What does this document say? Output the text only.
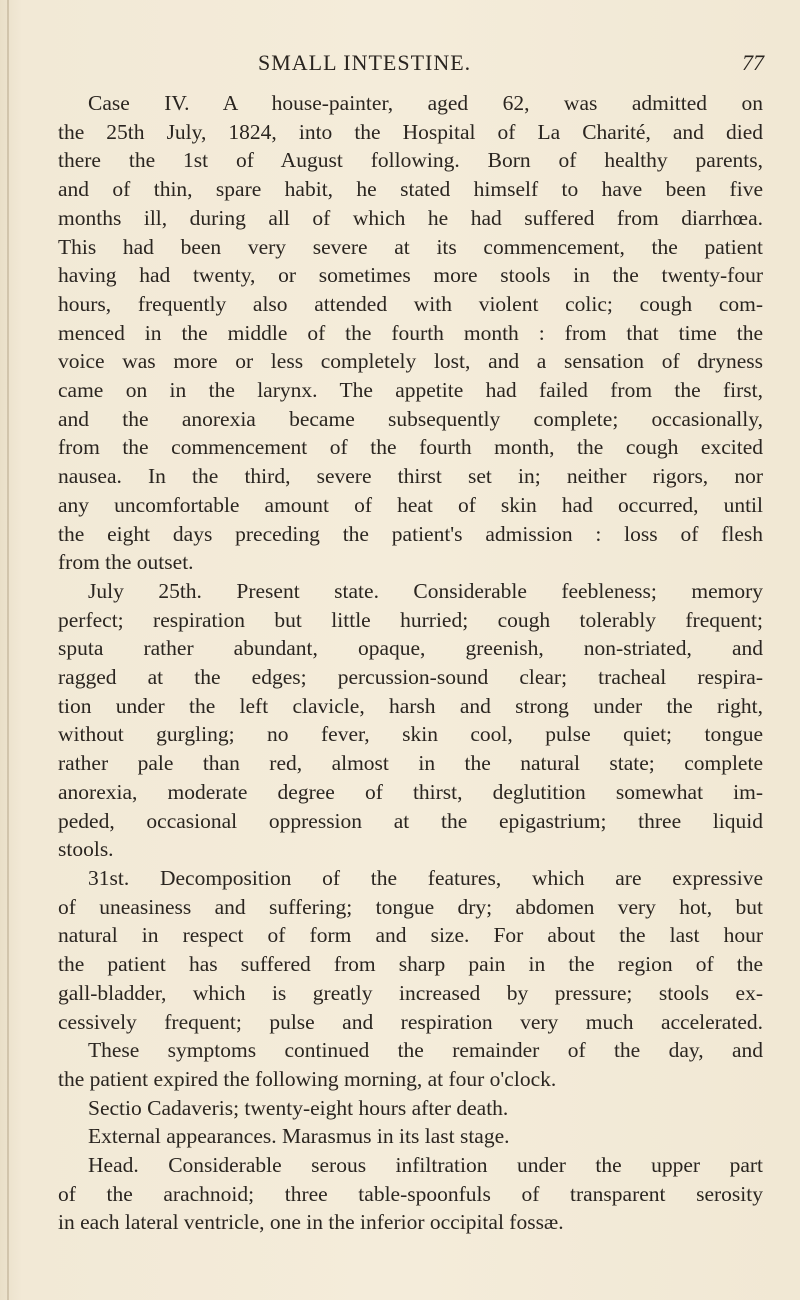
SMALL INTESTINE.	77
Case IV. A house-painter, aged 62, was admitted on
the 25th July, 1824, into the Hospital of La Charité, and died
there the 1st of August following. Born of healthy parents,
and of thin, spare habit, he stated himself to have been five
months ill, during all of which he had suffered from diarrhœa.
This had been very severe at its commencement, the patient
having had twenty, or sometimes more stools in the twenty-four
hours, frequently also attended with violent colic; cough com-
menced in the middle of the fourth month : from that time the
voice was more or less completely lost, and a sensation of dryness
came on in the larynx. The appetite had failed from the first,
and the anorexia became subsequently complete; occasionally,
from the commencement of the fourth month, the cough excited
nausea. In the third, severe thirst set in; neither rigors, nor
any uncomfortable amount of heat of skin had occurred, until
the eight days preceding the patient's admission : loss of flesh
from the outset.
July 25th. Present state. Considerable feebleness; memory
perfect; respiration but little hurried; cough tolerably frequent;
sputa rather abundant, opaque, greenish, non-striated, and
ragged at the edges; percussion-sound clear; tracheal respira-
tion under the left clavicle, harsh and strong under the right,
without gurgling; no fever, skin cool, pulse quiet; tongue
rather pale than red, almost in the natural state; complete
anorexia, moderate degree of thirst, deglutition somewhat im-
peded, occasional oppression at the epigastrium; three liquid
stools.
31st. Decomposition of the features, which are expressive
of uneasiness and suffering; tongue dry; abdomen very hot, but
natural in respect of form and size. For about the last hour
the patient has suffered from sharp pain in the region of the
gall-bladder, which is greatly increased by pressure; stools ex-
cessively frequent; pulse and respiration very much accelerated.
These symptoms continued the remainder of the day, and
the patient expired the following morning, at four o'clock.
Sectio Cadaveris; twenty-eight hours after death.
External appearances. Marasmus in its last stage.
Head. Considerable serous infiltration under the upper part
of the arachnoid; three table-spoonfuls of transparent serosity
in each lateral ventricle, one in the inferior occipital fossæ.
